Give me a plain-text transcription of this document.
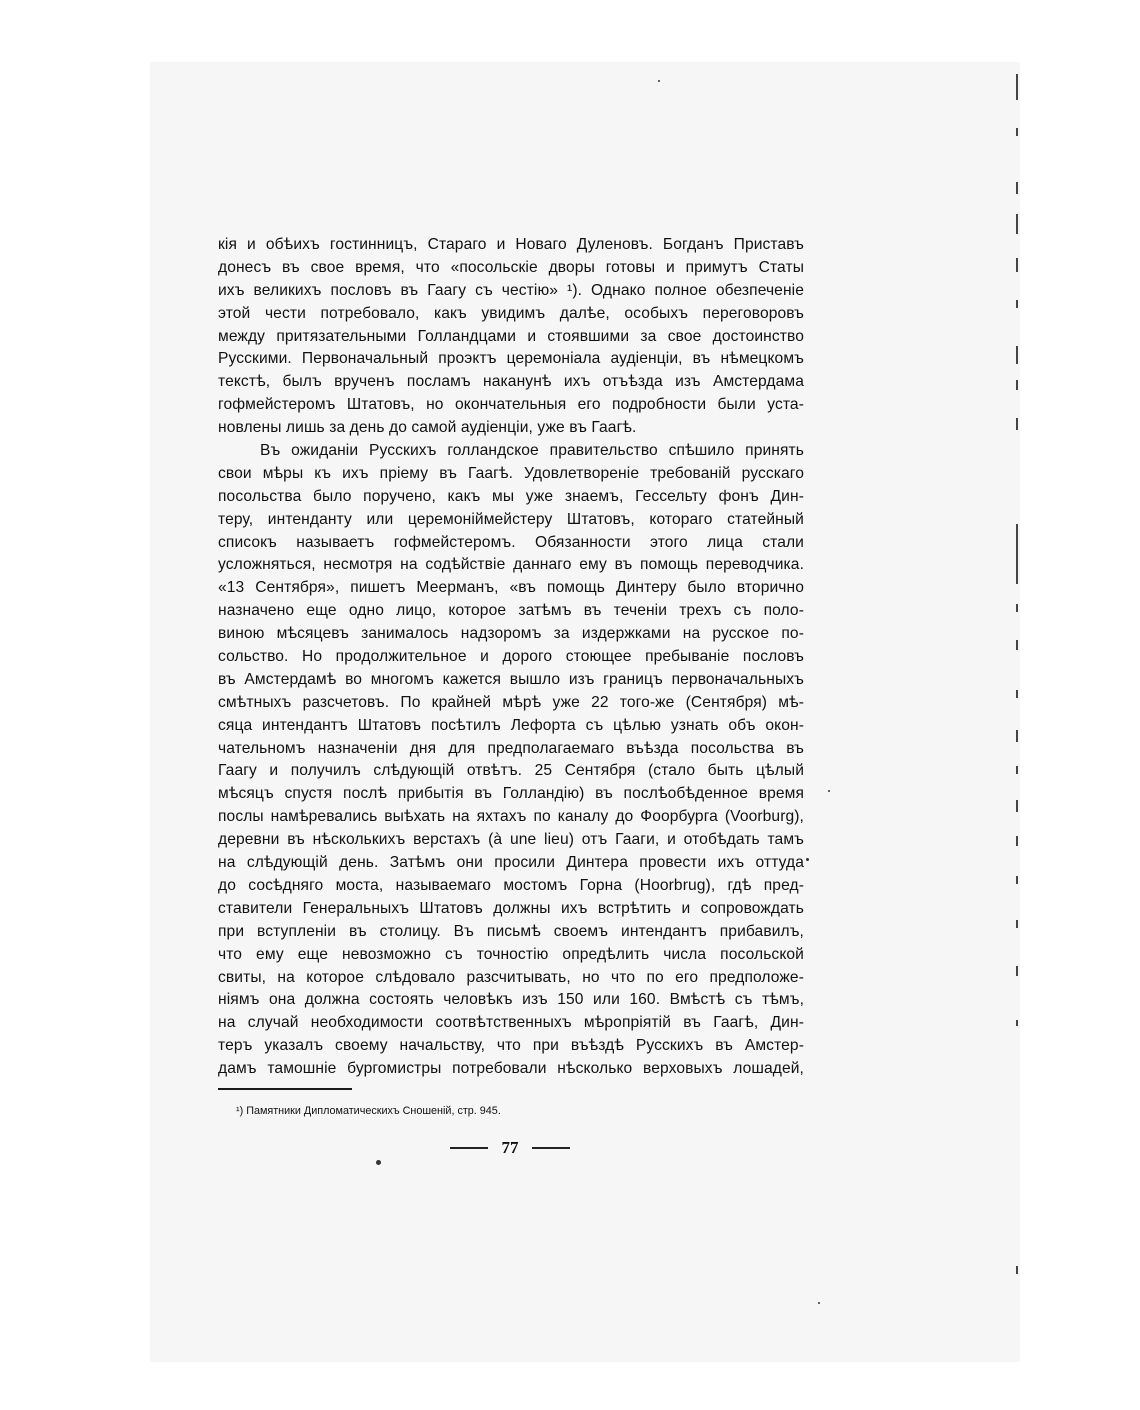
кія и обѣихъ гостинницъ, Стараго и Новаго Дуленовъ. Богданъ Приставъ
донесъ въ свое время, что «посольскіе дворы готовы и примутъ Статы
ихъ великихъ пословъ въ Гаагу съ честію» ¹). Однако полное обезпеченіе
этой чести потребовало, какъ увидимъ далѣе, особыхъ переговоровъ
между притязательными Голландцами и стоявшими за свое достоинство
Русскими. Первоначальный проэктъ церемоніала аудіенціи, въ нѣмецкомъ
текстѣ, былъ врученъ посламъ наканунѣ ихъ отъѣзда изъ Амстердама
гофмейстеромъ Штатовъ, но окончательныя его подробности были уста-
новлены лишь за день до самой аудіенціи, уже въ Гаагѣ.
Въ ожиданіи Русскихъ голландское правительство спѣшило принять
свои мѣры къ ихъ пріему въ Гаагѣ. Удовлетвореніе требованій русскаго
посольства было поручено, какъ мы уже знаемъ, Гессельту фонъ Дин-
теру, интенданту или церемоніймейстеру Штатовъ, котораго статейный
списокъ называетъ гофмейстеромъ. Обязанности этого лица стали
усложняться, несмотря на содѣйствіе даннаго ему въ помощь переводчика.
«13 Сентября», пишетъ Меерманъ, «въ помощь Динтеру было вторично
назначено еще одно лицо, которое затѣмъ въ теченіи трехъ съ поло-
виною мѣсяцевъ занималось надзоромъ за издержками на русское по-
сольство. Но продолжительное и дорого стоющее пребываніе пословъ
въ Амстердамѣ во многомъ кажется вышло изъ границъ первоначальныхъ
смѣтныхъ разсчетовъ. По крайней мѣрѣ уже 22 того-же (Сентября) мѣ-
сяца интендантъ Штатовъ посѣтилъ Лефорта съ цѣлью узнать объ окон-
чательномъ назначеніи дня для предполагаемаго въѣзда посольства въ
Гаагу и получилъ слѣдующій отвѣтъ. 25 Сентября (стало быть цѣлый
мѣсяцъ спустя послѣ прибытія въ Голландію) въ послѣобѣденное время
послы намѣревались выѣхать на яхтахъ по каналу до Фоорбурга (Voorburg),
деревни въ нѣсколькихъ верстахъ (à une lieu) отъ Гааги, и отобѣдать тамъ
на слѣдующій день. Затѣмъ они просили Динтера провести ихъ оттуда
до сосѣдняго моста, называемаго мостомъ Горна (Hoorbrug), гдѣ пред-
ставители Генеральныхъ Штатовъ должны ихъ встрѣтить и сопровождать
при вступленіи въ столицу. Въ письмѣ своемъ интендантъ прибавилъ,
что ему еще невозможно съ точностію опредѣлить числа посольской
свиты, на которое слѣдовало разсчитывать, но что по его предположе-
ніямъ она должна состоять человѣкъ изъ 150 или 160. Вмѣстѣ съ тѣмъ,
на случай необходимости соотвѣтственныхъ мѣропріятій въ Гаагѣ, Дин-
теръ указалъ своему начальству, что при въѣздѣ Русскихъ въ Амстер-
дамъ тамошніе бургомистры потребовали нѣсколько верховыхъ лошадей,
¹) Памятники Дипломатическихъ Сношеній, стр. 945.
77
